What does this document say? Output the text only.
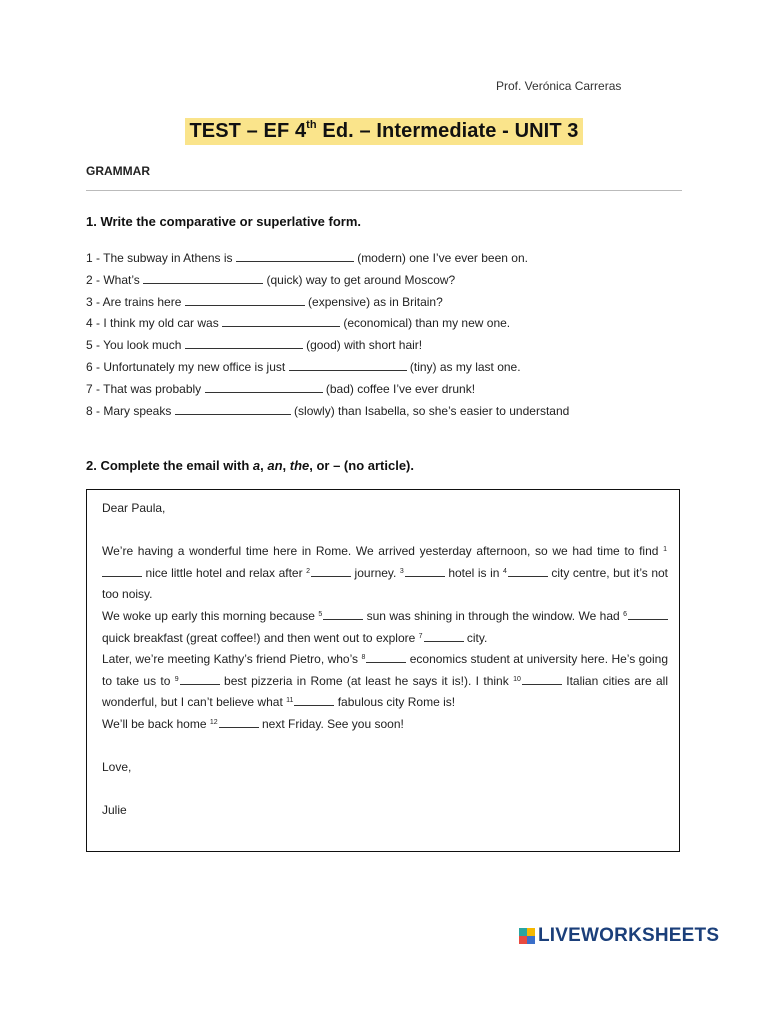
Prof. Verónica Carreras
TEST – EF 4th Ed. – Intermediate - UNIT 3
GRAMMAR
1. Write the comparative or superlative form.
1 - The subway in Athens is	(modern) one I’ve ever been on.
2 - What’s	(quick) way to get around Moscow?
3 - Are trains here	(expensive) as in Britain?
4 - I think my old car was	(economical) than my new one.
5 - You look much	(good) with short hair!
6 - Unfortunately my new office is just	(tiny) as my last one.
7 - That was probably	(bad) coffee I’ve ever drunk!
8 - Mary speaks	(slowly) than Isabella, so she’s easier to understand
2. Complete the email with a, an, the, or – (no article).

Dear Paula,

We’re having a wonderful time here in Rome. We arrived yesterday afternoon, so we had time to find $^1$ nice little hotel and relax after $^2$	journey. $^3$	hotel is in $^4$	city centre, but it’s not too noisy.

We woke up early this morning because $^5$	sun was shining in through the window. We had $^6$ quick breakfast (great coffee!) and then went out to explore $^7$	city.

Later, we’re meeting Kathy’s friend Pietro, who’s $^8$	economics student at university here. He’s going to take us to $^9$	best pizzeria in Rome (at least he says it is!). I think $^{10}$	Italian cities are all wonderful, but I can’t believe what $^{11}$	fabulous city Rome is!

We’ll be back home $^{12}$	next Friday. See you soon!

Love,

Julie

LIVEWORKSHEETS
